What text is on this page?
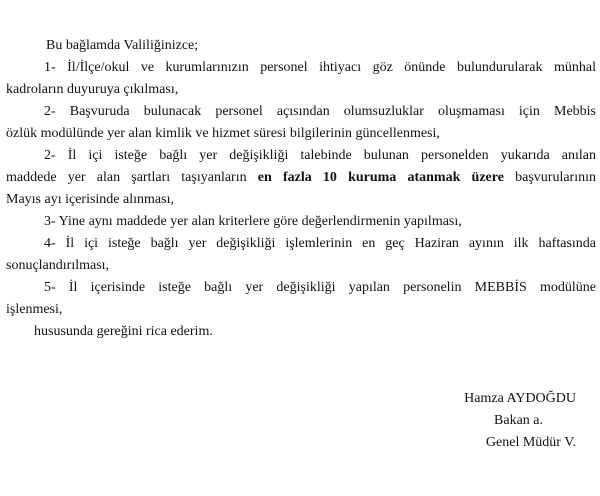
Bu bağlamda Valiliğinizce;
1- İl/İlçe/okul ve kurumlarınızın personel ihtiyacı göz önünde bulundurularak münhal
kadroların duyuruya çıkılması,
2- Başvuruda bulunacak personel açısından olumsuzluklar oluşmaması için Mebbis
özlük modülünde yer alan kimlik ve hizmet süresi bilgilerinin güncellenmesi,
2- İl içi isteğe bağlı yer değişikliği talebinde bulunan personelden yukarıda anılan
maddede yer alan şartları taşıyanların en fazla 10 kuruma atanmak üzere başvurularının
Mayıs ayı içerisinde alınması,
3- Yine aynı maddede yer alan kriterlere göre değerlendirmenin yapılması,
4- İl içi isteğe bağlı yer değişikliği işlemlerinin en geç Haziran ayının ilk haftasında
sonuçlandırılması,
5- İl içerisinde isteğe bağlı yer değişikliği yapılan personelin MEBBİS modülüne
işlenmesi,
hususunda gereğini rica ederim.
Hamza AYDOĞDU
Bakan a.
Genel Müdür V.
